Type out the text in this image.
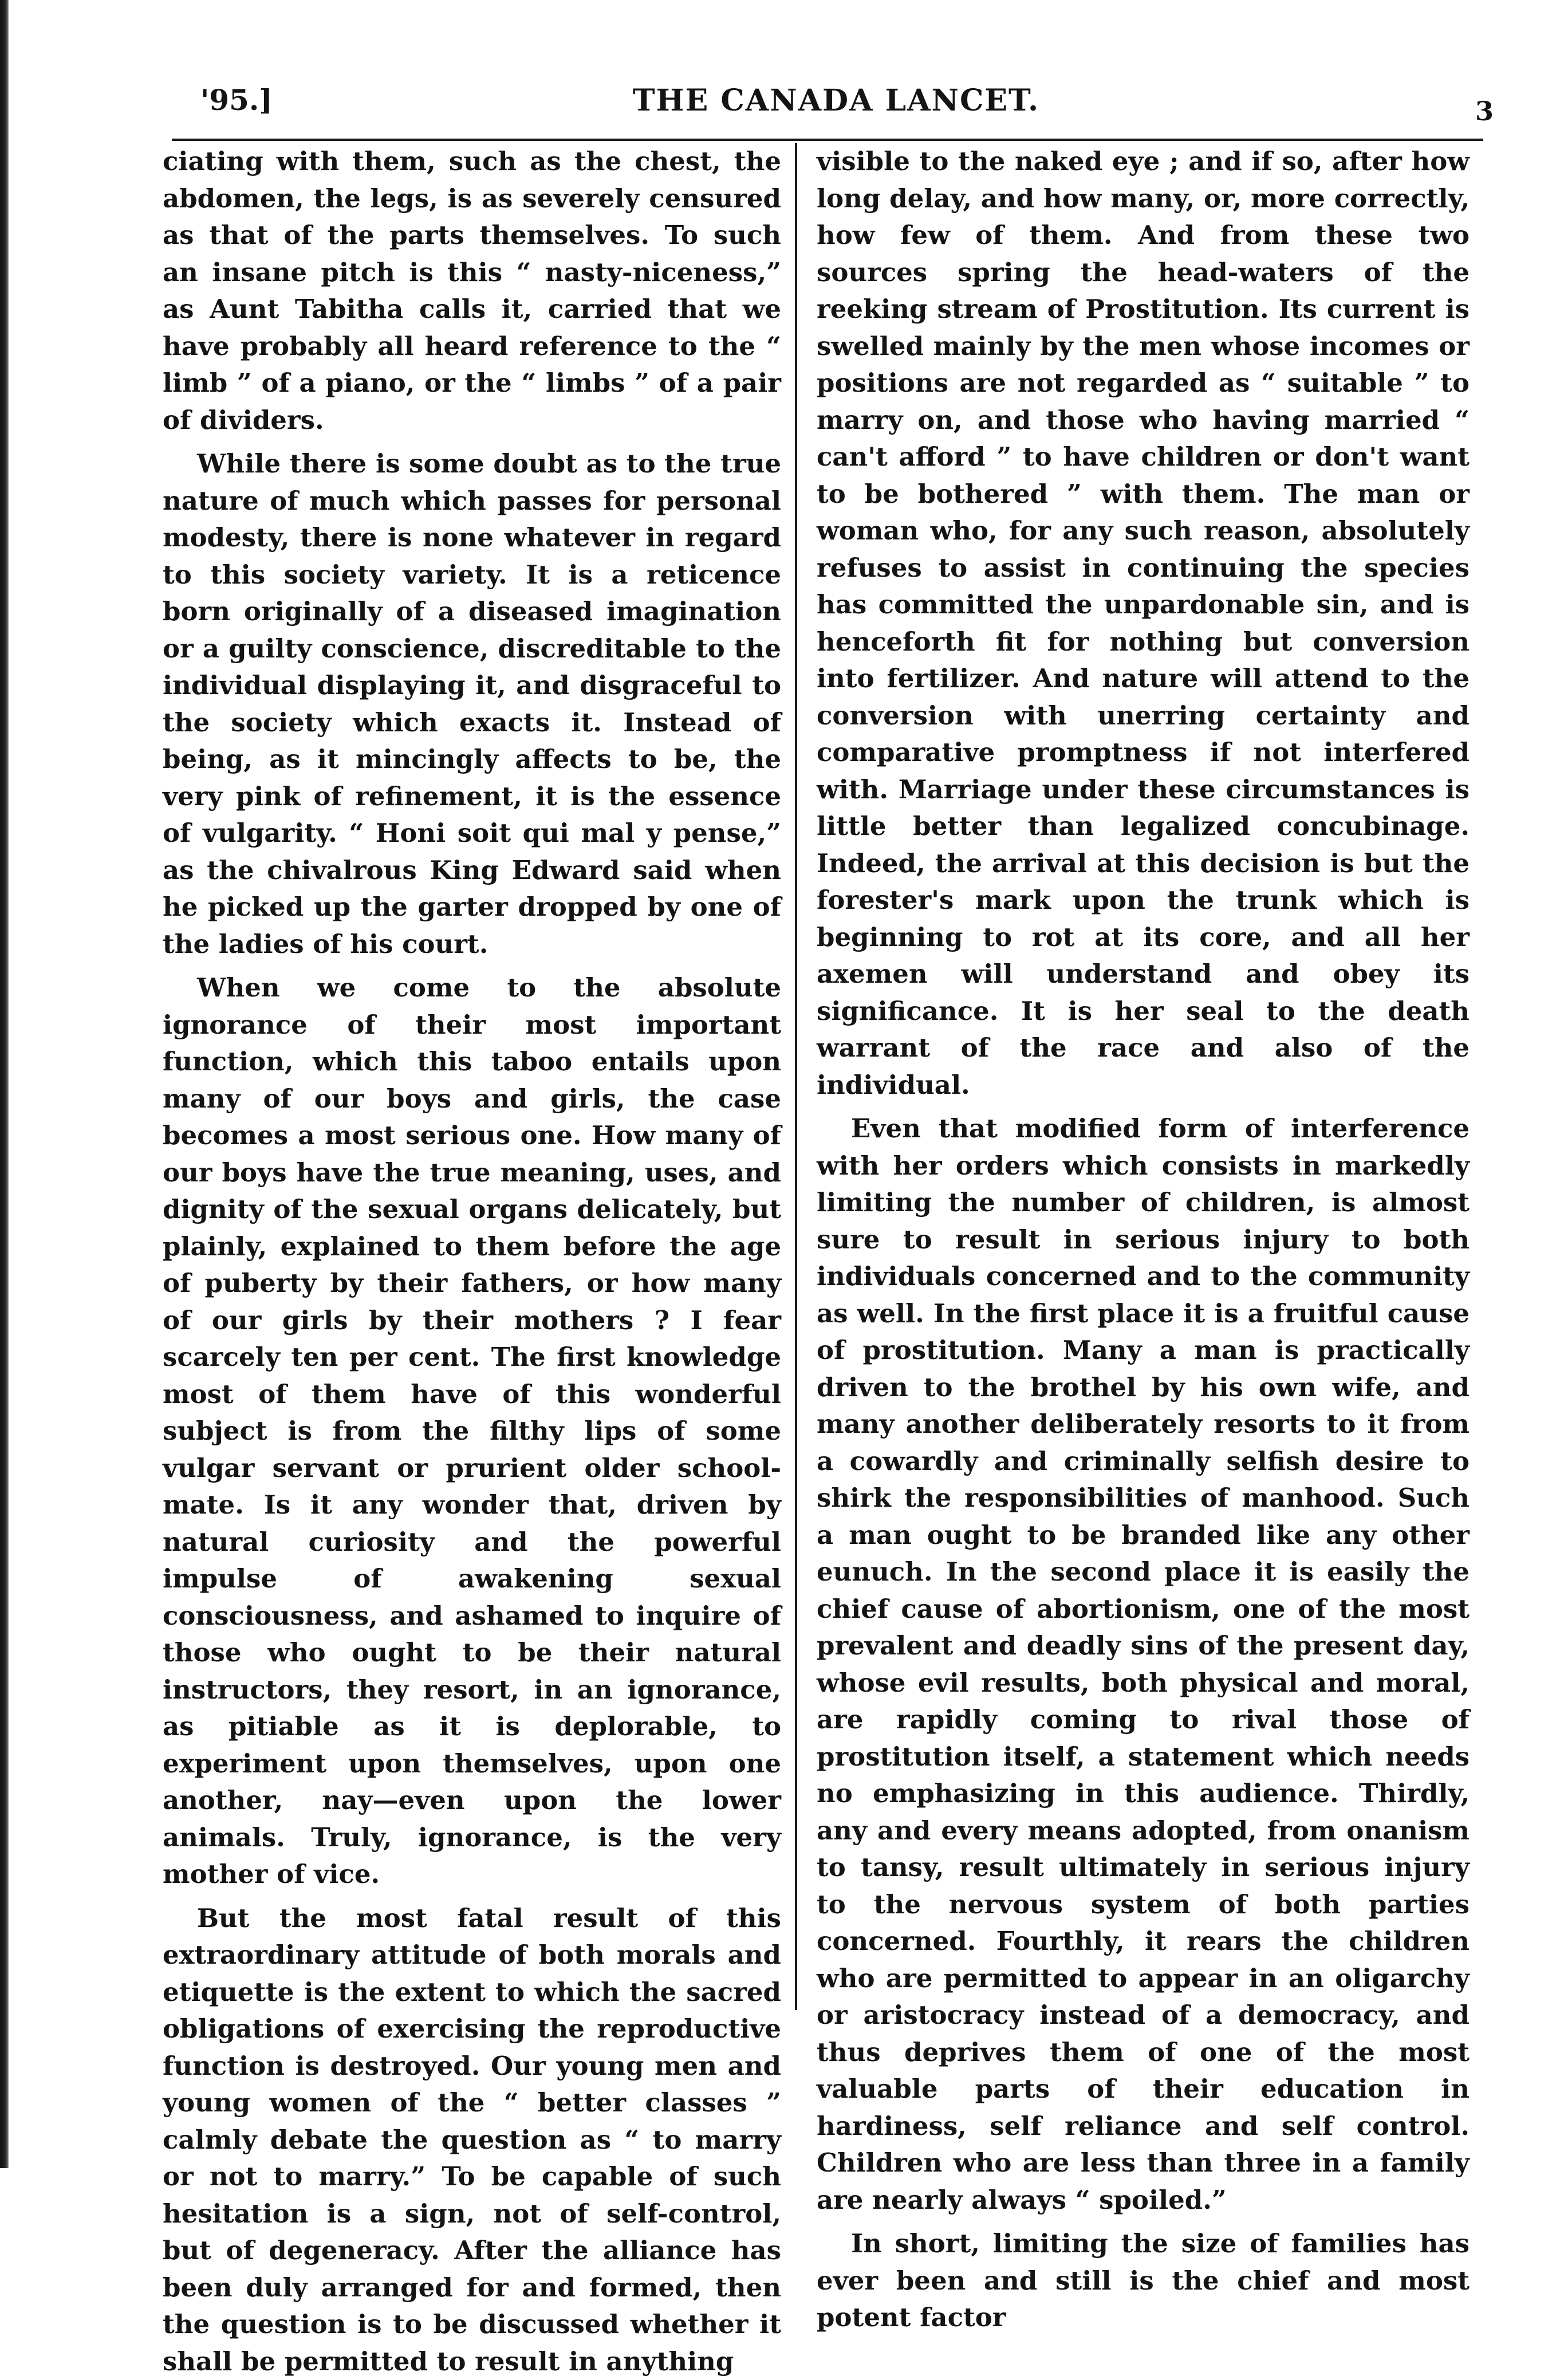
'95.]	THE CANADA LANCET.	3

ciating with them, such as the chest, the abdomen, the legs, is as severely censured as that of the parts themselves. To such an insane pitch is this “ nasty-niceness,” as Aunt Tabitha calls it, carried that we have probably all heard reference to the “ limb ” of a piano, or the “ limbs ” of a pair of dividers.

While there is some doubt as to the true nature of much which passes for personal modesty, there is none whatever in regard to this society variety. It is a reticence born originally of a diseased imagination or a guilty conscience, discreditable to the individual displaying it, and disgraceful to the society which exacts it. Instead of being, as it mincingly affects to be, the very pink of refinement, it is the essence of vulgarity. “ Honi soit qui mal y pense,” as the chivalrous King Edward said when he picked up the garter dropped by one of the ladies of his court.

When we come to the absolute ignorance of their most important function, which this taboo entails upon many of our boys and girls, the case becomes a most serious one. How many of our boys have the true meaning, uses, and dignity of the sexual organs delicately, but plainly, explained to them before the age of puberty by their fathers, or how many of our girls by their mothers ? I fear scarcely ten per cent. The first knowledge most of them have of this wonderful subject is from the filthy lips of some vulgar servant or prurient older school-mate. Is it any wonder that, driven by natural curiosity and the powerful impulse of awakening sexual consciousness, and ashamed to inquire of those who ought to be their natural instructors, they resort, in an ignorance, as pitiable as it is deplorable, to experiment upon themselves, upon one another, nay—even upon the lower animals. Truly, ignorance, is the very mother of vice.

But the most fatal result of this extraordinary attitude of both morals and etiquette is the extent to which the sacred obligations of exercising the reproductive function is destroyed. Our young men and young women of the “ better classes ” calmly debate the question as “ to marry or not to marry.” To be capable of such hesitation is a sign, not of self-control, but of degeneracy. After the alliance has been duly arranged for and formed, then the question is to be discussed whether it shall be permitted to result in anything

visible to the naked eye ; and if so, after how long delay, and how many, or, more correctly, how few of them. And from these two sources spring the head-waters of the reeking stream of Prostitution. Its current is swelled mainly by the men whose incomes or positions are not regarded as “ suitable ” to marry on, and those who having married “ can't afford ” to have children or don't want to be bothered ” with them. The man or woman who, for any such reason, absolutely refuses to assist in continuing the species has committed the unpardonable sin, and is henceforth fit for nothing but conversion into fertilizer. And nature will attend to the conversion with unerring certainty and comparative promptness if not interfered with. Marriage under these circumstances is little better than legalized concubinage. Indeed, the arrival at this decision is but the forester's mark upon the trunk which is beginning to rot at its core, and all her axemen will understand and obey its significance. It is her seal to the death warrant of the race and also of the individual.

Even that modified form of interference with her orders which consists in markedly limiting the number of children, is almost sure to result in serious injury to both individuals concerned and to the community as well. In the first place it is a fruitful cause of prostitution. Many a man is practically driven to the brothel by his own wife, and many another deliberately resorts to it from a cowardly and criminally selfish desire to shirk the responsibilities of manhood. Such a man ought to be branded like any other eunuch. In the second place it is easily the chief cause of abortionism, one of the most prevalent and deadly sins of the present day, whose evil results, both physical and moral, are rapidly coming to rival those of prostitution itself, a statement which needs no emphasizing in this audience. Thirdly, any and every means adopted, from onanism to tansy, result ultimately in serious injury to the nervous system of both parties concerned. Fourthly, it rears the children who are permitted to appear in an oligarchy or aristocracy instead of a democracy, and thus deprives them of one of the most valuable parts of their education in hardiness, self reliance and self control. Children who are less than three in a family are nearly always “ spoiled.”

In short, limiting the size of families has ever been and still is the chief and most potent factor
